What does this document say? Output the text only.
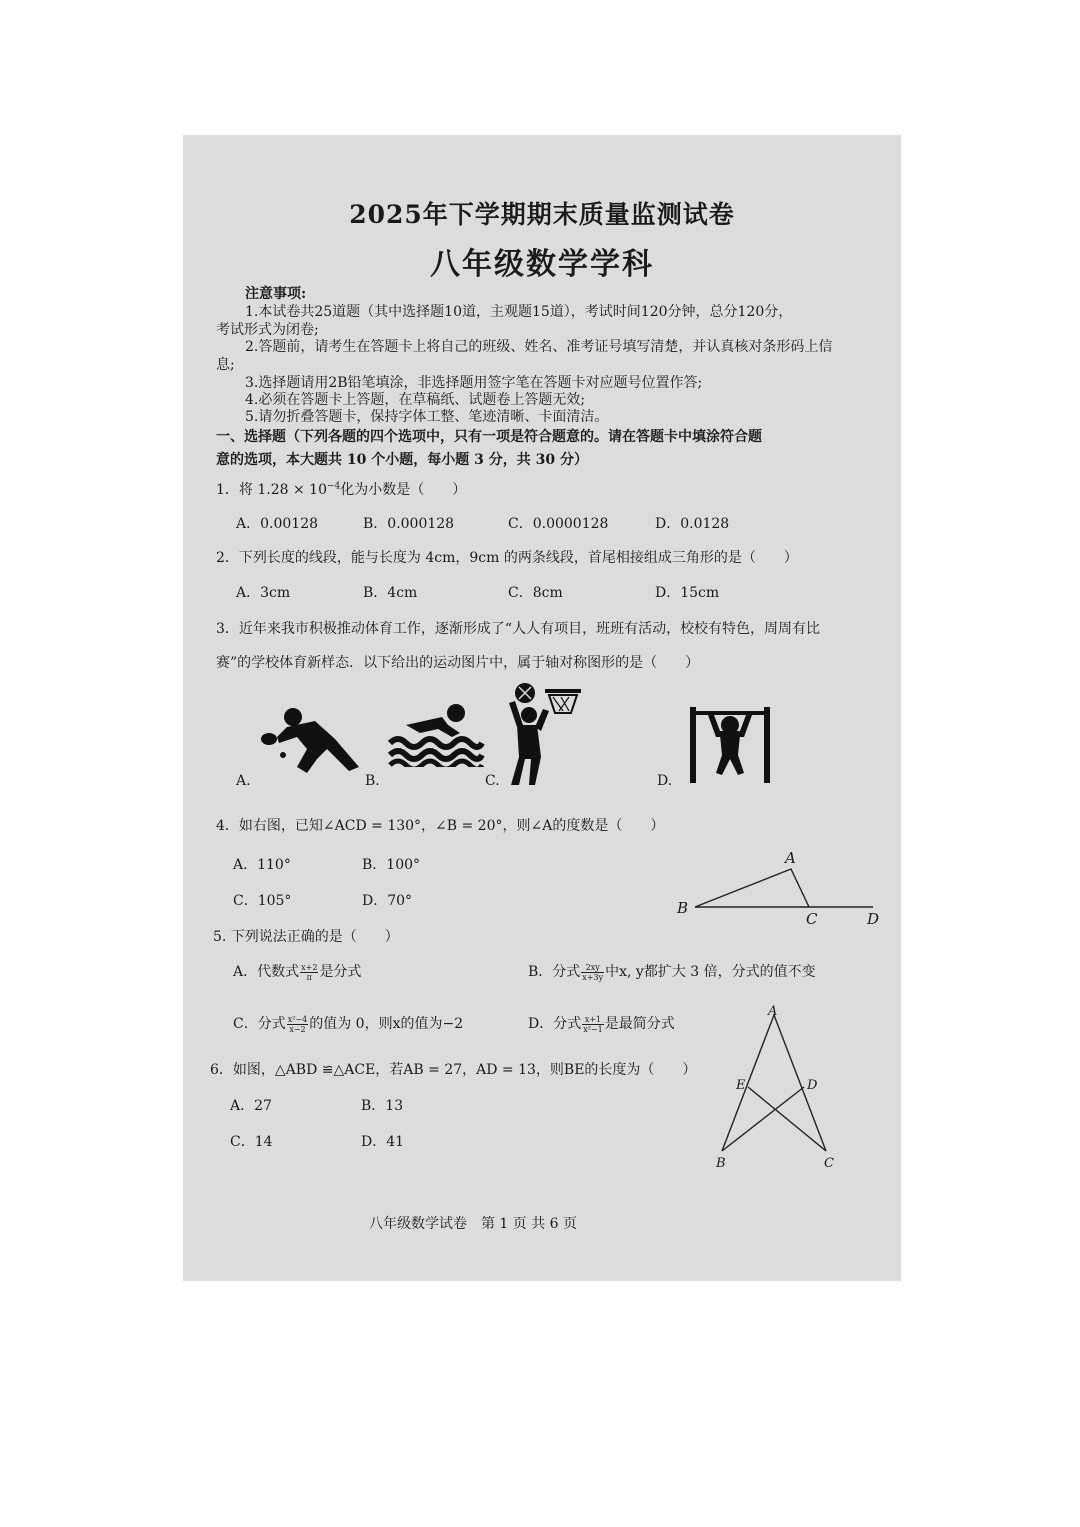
2025年下学期期末质量监测试卷
八年级数学学科
注意事项:
1.本试卷共25道题（其中选择题10道，主观题15道），考试时间120分钟，总分120分，
考试形式为闭卷;
2.答题前，请考生在答题卡上将自己的班级、姓名、准考证号填写清楚，并认真核对条形码上信
息;
3.选择题请用2B铅笔填涂，非选择题用签字笔在答题卡对应题号位置作答;
4.必须在答题卡上答题，在草稿纸、试题卷上答题无效;
5.请勿折叠答题卡，保持字体工整、笔迹清晰、卡面清洁。
一、选择题（下列各题的四个选项中，只有一项是符合题意的。请在答题卡中填涂符合题
意的选项，本大题共 10 个小题，每小题 3 分，共 30 分）
1．将 $1.28 \times 10^{-4}$化为小数是（　　）
A．0.00128	B．0.000128	C．0.0000128	D．0.0128
2．下列长度的线段，能与长度为 4cm，9cm 的两条线段，首尾相接组成三角形的是（　　）
A．3cm	B．4cm	C．8cm	D．15cm
3．近年来我市积极推动体育工作，逐渐形成了“人人有项目，班班有活动，校校有特色，周周有比
赛”的学校体育新样态．以下给出的运动图片中，属于轴对称图形的是（　　）
A.	B.	C.	D.
4．如右图，已知∠ACD = 130°，∠B = 20°，则∠A的度数是（　　）
A．110°	B．100°
C．105°	D．70°
A
B
C	D
5. 下列说法正确的是（　　）
A．代数式 $\frac{x+2}{\pi}$ 是分式	B．分式 $\frac{2xy}{x+3y}$ 中x, y都扩大 3 倍，分式的值不变
C．分式 $\frac{\text{x²−4}}{x-2}$ 的值为 0，则x的值为−2	D．分式 $\frac{x+1}{\text{x²−1}}$ 是最简分式
6．如图，△ABD ≌△ACE，若AB = 27，AD = 13，则BE的长度为（　　）
A．27	B．13
C．14	D．41
A
E	D
B	C
八年级数学试卷　第 1 页 共 6 页
